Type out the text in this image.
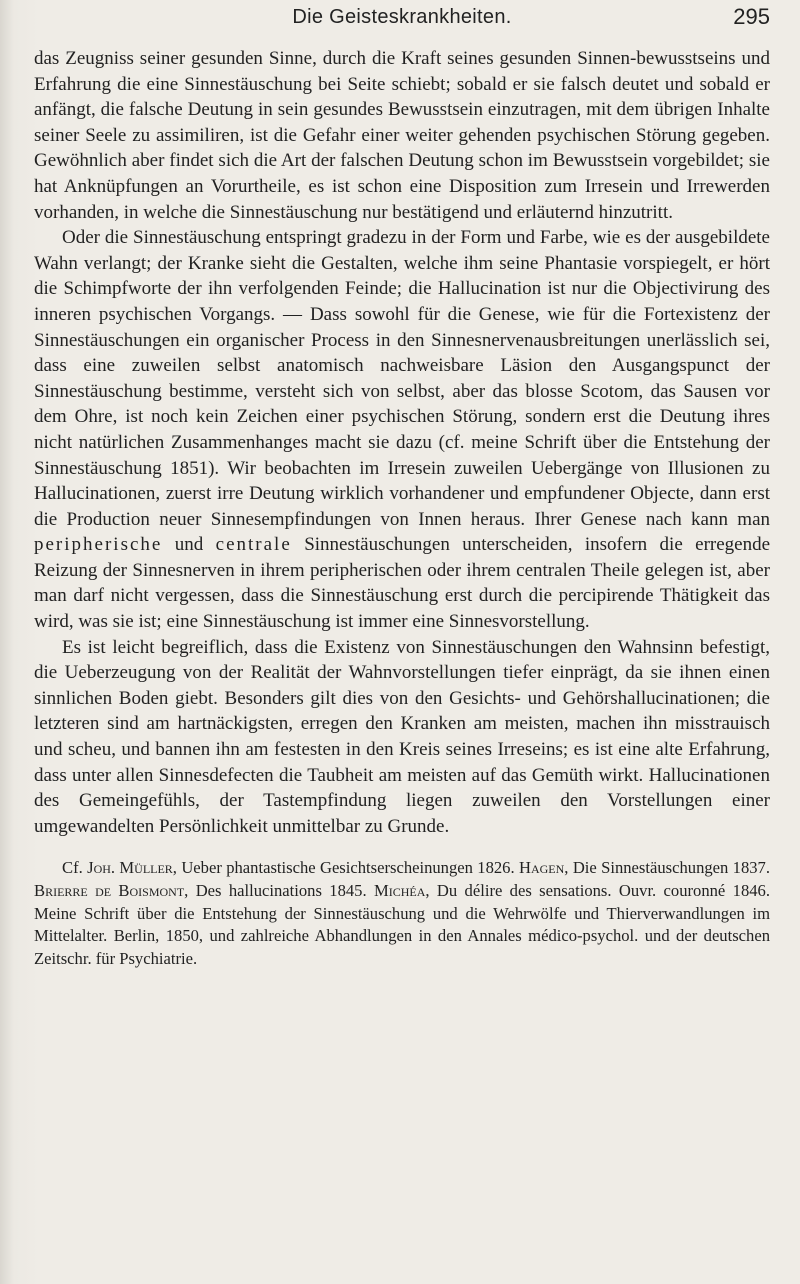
Die Geisteskrankheiten.	295

das Zeugniss seiner gesunden Sinne, durch die Kraft seines gesunden Sinnen-bewusstseins und Erfahrung die eine Sinnestäuschung bei Seite schiebt; sobald er sie falsch deutet und sobald er anfängt, die falsche Deutung in sein gesundes Bewusstsein einzutragen, mit dem übrigen Inhalte seiner Seele zu assimiliren, ist die Gefahr einer weiter gehenden psychischen Störung gegeben. Gewöhnlich aber findet sich die Art der falschen Deutung schon im Bewusstsein vorgebildet; sie hat Anknüpfungen an Vorurtheile, es ist schon eine Disposition zum Irresein und Irrewerden vorhanden, in welche die Sinnestäuschung nur bestätigend und erläuternd hinzutritt.

Oder die Sinnestäuschung entspringt gradezu in der Form und Farbe, wie es der ausgebildete Wahn verlangt; der Kranke sieht die Gestalten, welche ihm seine Phantasie vorspiegelt, er hört die Schimpfworte der ihn verfolgenden Feinde; die Hallucination ist nur die Objectivirung des inneren psychischen Vorgangs. — Dass sowohl für die Genese, wie für die Fortexistenz der Sinnestäuschungen ein organischer Process in den Sinnesnervenausbreitungen unerlässlich sei, dass eine zuweilen selbst anatomisch nachweisbare Läsion den Ausgangspunct der Sinnestäuschung bestimme, versteht sich von selbst, aber das blosse Scotom, das Sausen vor dem Ohre, ist noch kein Zeichen einer psychischen Störung, sondern erst die Deutung ihres nicht natürlichen Zusammenhanges macht sie dazu (cf. meine Schrift über die Entstehung der Sinnestäuschung 1851). Wir beobachten im Irresein zuweilen Uebergänge von Illusionen zu Hallucinationen, zuerst irre Deutung wirklich vorhandener und empfundener Objecte, dann erst die Production neuer Sinnesempfindungen von Innen heraus. Ihrer Genese nach kann man peripherische und centrale Sinnestäuschungen unterscheiden, insofern die erregende Reizung der Sinnesnerven in ihrem peripherischen oder ihrem centralen Theile gelegen ist, aber man darf nicht vergessen, dass die Sinnestäuschung erst durch die percipirende Thätigkeit das wird, was sie ist; eine Sinnestäuschung ist immer eine Sinnesvorstellung.

Es ist leicht begreiflich, dass die Existenz von Sinnestäuschungen den Wahnsinn befestigt, die Ueberzeugung von der Realität der Wahnvorstellungen tiefer einprägt, da sie ihnen einen sinnlichen Boden giebt. Besonders gilt dies von den Gesichts- und Gehörshallucinationen; die letzteren sind am hartnäckigsten, erregen den Kranken am meisten, machen ihn misstrauisch und scheu, und bannen ihn am festesten in den Kreis seines Irreseins; es ist eine alte Erfahrung, dass unter allen Sinnesdefecten die Taubheit am meisten auf das Gemüth wirkt. Hallucinationen des Gemeingefühls, der Tastempfindung liegen zuweilen den Vorstellungen einer umgewandelten Persönlichkeit unmittelbar zu Grunde.

Cf. Joh. Müller, Ueber phantastische Gesichtserscheinungen 1826. Hagen, Die Sinnestäuschungen 1837. Brierre de Boismont, Des hallucinations 1845. Michéa, Du délire des sensations. Ouvr. couronné 1846. Meine Schrift über die Entstehung der Sinnestäuschung und die Wehrwölfe und Thierverwandlungen im Mittelalter. Berlin, 1850, und zahlreiche Abhandlungen in den Annales médico-psychol. und der deutschen Zeitschr. für Psychiatrie.
